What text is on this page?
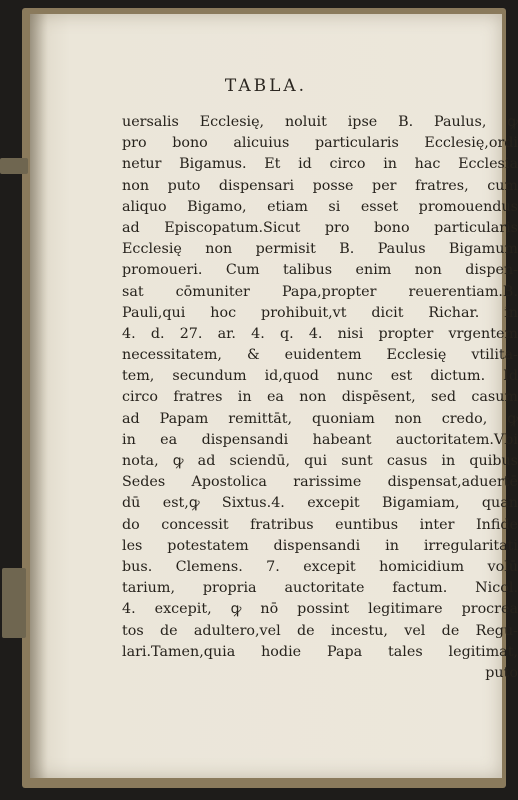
TABLA.
uersalis Ecclesię, noluit ipse B. Paulus, ꝙ
pro bono alicuius particularis Ecclesię,ordi
netur Bigamus. Et id circo in hac Ecclesia
non puto dispensari posse per fratres, cum
aliquo Bigamo, etiam si esset promouendus
ad Episcopatum.Sicut pro bono particularis
Ecclesię non permisit B. Paulus Bigamum
promoueri. Cum talibus enim non dispen-
sat cōmuniter Papa,propter reuerentiam.B.
Pauli,qui hoc prohibuit,vt dicit Richar. in
4. d. 27. ar. 4. q. 4. nisi propter vrgentem
necessitatem, & euidentem Ecclesię vtilita-
tem, secundum id,quod nunc est dictum. Id
circo fratres in ea non dispēsent, sed casum
ad Papam remittāt, quoniam non credo, ꝙ
in ea dispensandi habeant auctoritatem.Vbi
nota, ꝙ ad sciendū, qui sunt casus in quibus
Sedes Apostolica rarissime dispensat,aduertē
dū est,ꝙ Sixtus.4. excepit Bigamiam, quan
do concessit fratribus euntibus inter Infide
les potestatem dispensandi in irregularitati
bus. Clemens. 7. excepit homicidium volū
tarium, propria auctoritate factum. Nicol.
4. excepit, ꝙ nō possint legitimare procrea
tos de adultero,vel de incestu, vel de Regu-
lari.Tamen,quia hodie Papa tales legitimat,
puto
